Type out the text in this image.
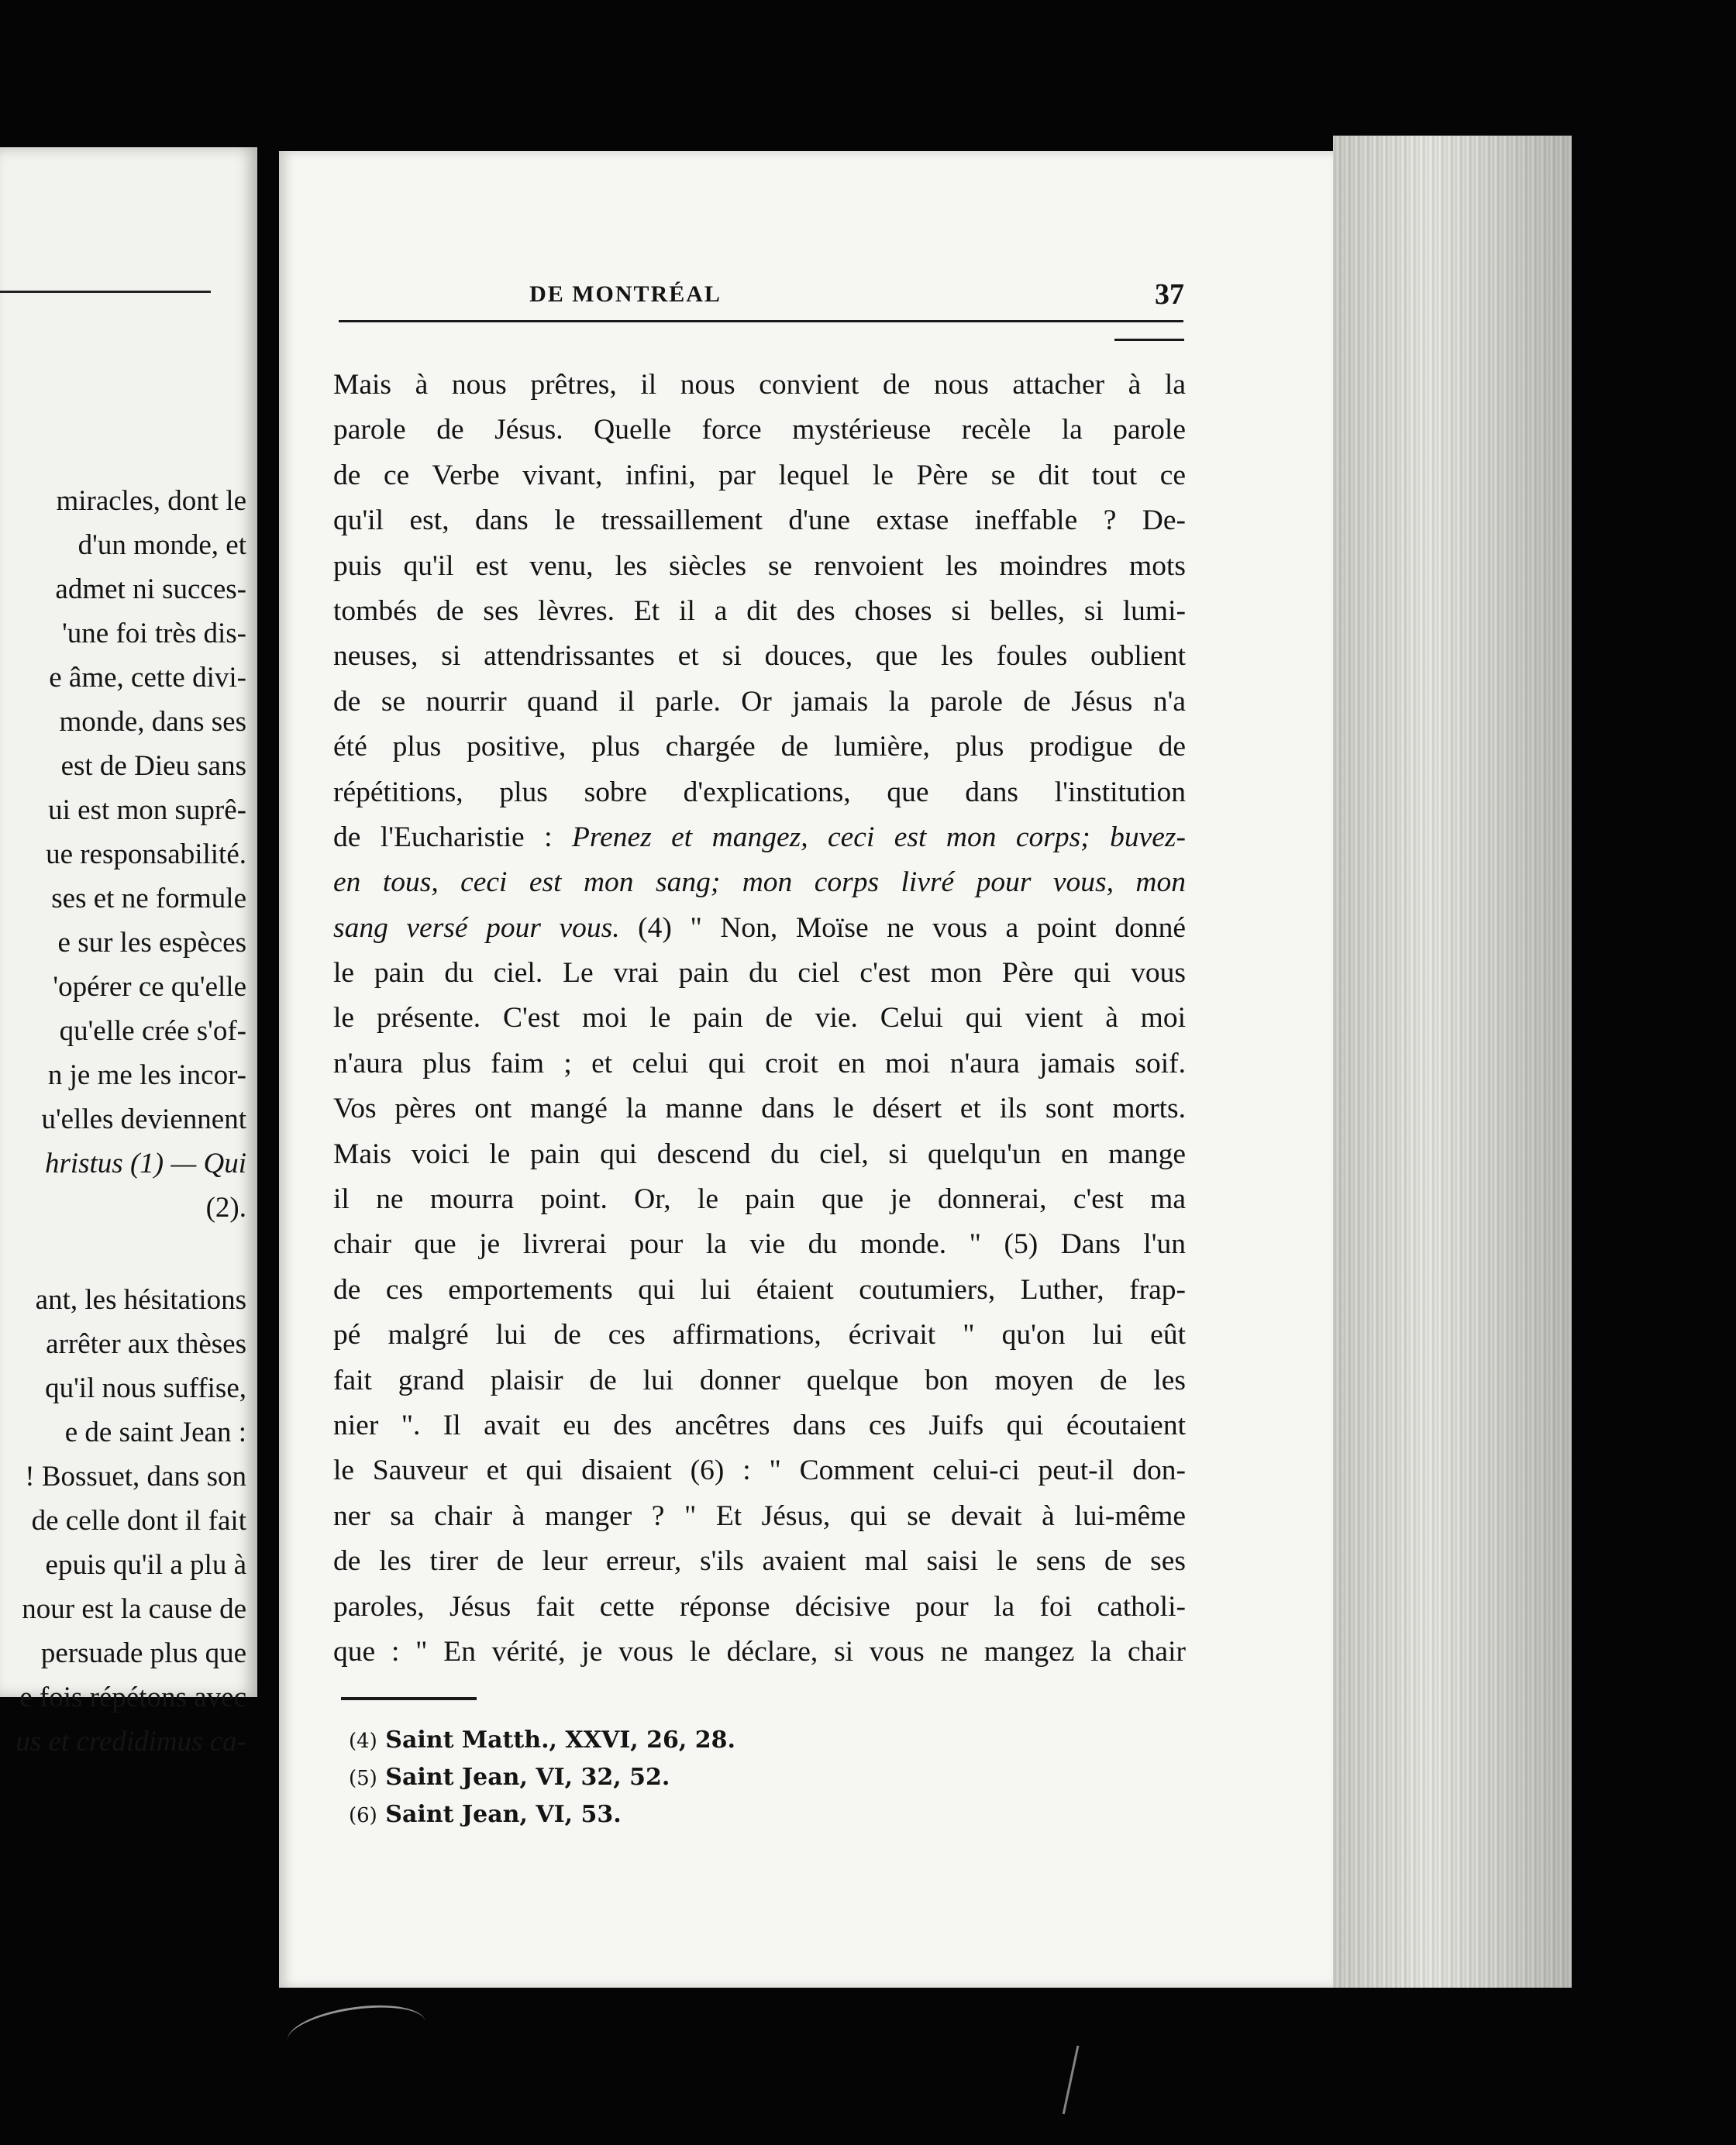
miracles, dont le
d'un monde, et
admet ni succes-
'une foi très dis-
e âme, cette divi-
monde, dans ses
est de Dieu sans
ui est mon suprê-
ue responsabilité.
ses et ne formule
e sur les espèces
'opérer ce qu'elle
qu'elle crée s'of-
n je me les incor-
u'elles deviennent
hristus (1) — Qui
(2).
ant, les hésitations
arrêter aux thèses
qu'il nous suffise,
e de saint Jean :
! Bossuet, dans son
de celle dont il fait
epuis qu'il a plu à
nour est la cause de
persuade plus que
e fois répétons avec
us et credidimus ca-
DE MONTRÉAL	37
Mais à nous prêtres, il nous convient de nous attacher à la
parole de Jésus. Quelle force mystérieuse recèle la parole
de ce Verbe vivant, infini, par lequel le Père se dit tout ce
qu'il est, dans le tressaillement d'une extase ineffable ? De-
puis qu'il est venu, les siècles se renvoient les moindres mots
tombés de ses lèvres. Et il a dit des choses si belles, si lumi-
neuses, si attendrissantes et si douces, que les foules oublient
de se nourrir quand il parle. Or jamais la parole de Jésus n'a
été plus positive, plus chargée de lumière, plus prodigue de
répétitions, plus sobre d'explications, que dans l'institution
de l'Eucharistie : Prenez et mangez, ceci est mon corps; buvez-
en tous, ceci est mon sang; mon corps livré pour vous, mon
sang versé pour vous. (4) " Non, Moïse ne vous a point donné
le pain du ciel. Le vrai pain du ciel c'est mon Père qui vous
le présente. C'est moi le pain de vie. Celui qui vient à moi
n'aura plus faim ; et celui qui croit en moi n'aura jamais soif.
Vos pères ont mangé la manne dans le désert et ils sont morts.
Mais voici le pain qui descend du ciel, si quelqu'un en mange
il ne mourra point. Or, le pain que je donnerai, c'est ma
chair que je livrerai pour la vie du monde. " (5) Dans l'un
de ces emportements qui lui étaient coutumiers, Luther, frap-
pé malgré lui de ces affirmations, écrivait " qu'on lui eût
fait grand plaisir de lui donner quelque bon moyen de les
nier ". Il avait eu des ancêtres dans ces Juifs qui écoutaient
le Sauveur et qui disaient (6) : " Comment celui-ci peut-il don-
ner sa chair à manger ? " Et Jésus, qui se devait à lui-même
de les tirer de leur erreur, s'ils avaient mal saisi le sens de ses
paroles, Jésus fait cette réponse décisive pour la foi catholi-
que : " En vérité, je vous le déclare, si vous ne mangez la chair
(4) Saint Matth., XXVI, 26, 28.
(5) Saint Jean, VI, 32, 52.
(6) Saint Jean, VI, 53.
